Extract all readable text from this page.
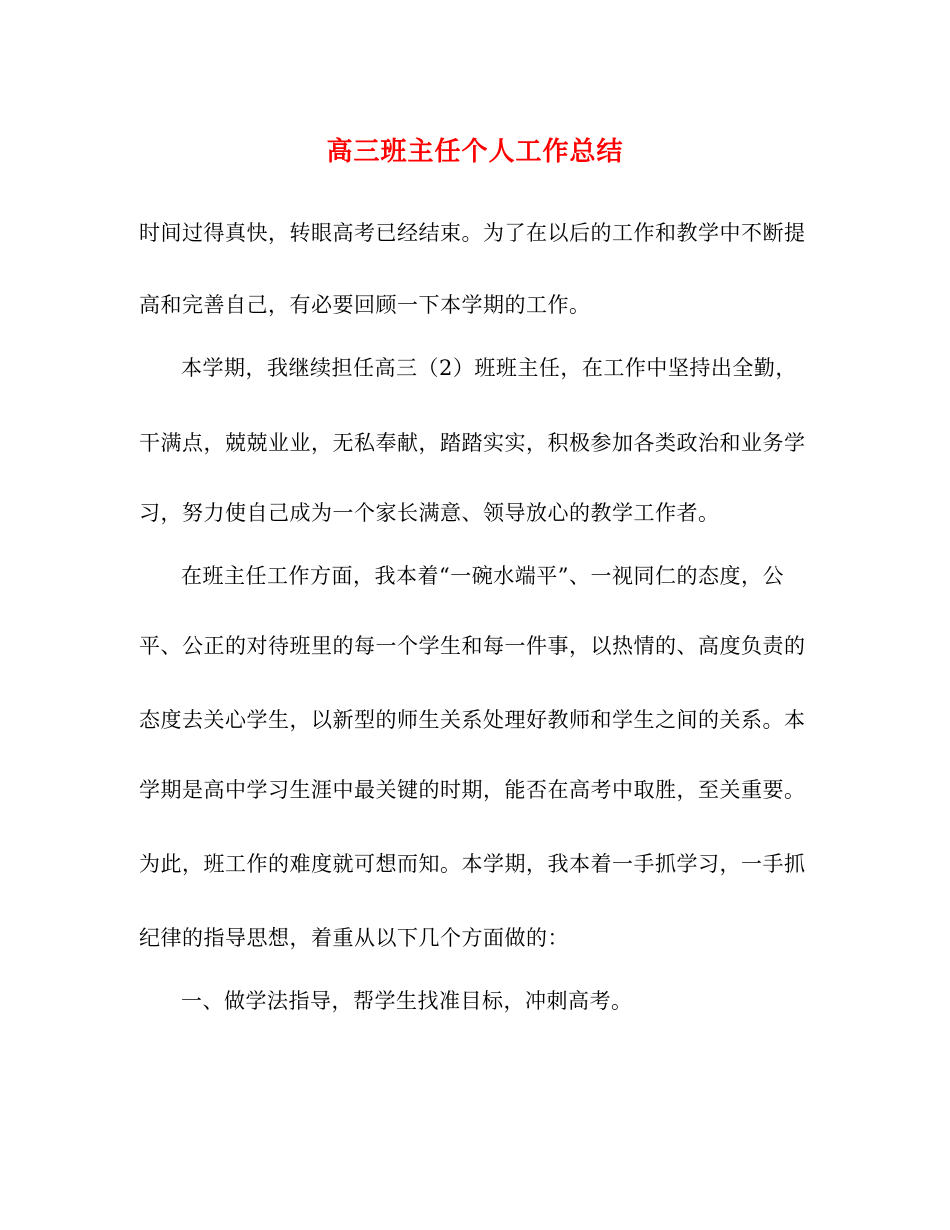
高三班主任个人工作总结
时间过得真快，转眼高考已经结束。为了在以后的工作和教学中不断提
高和完善自己，有必要回顾一下本学期的工作。
本学期，我继续担任高三（2）班班主任，在工作中坚持出全勤，
干满点，兢兢业业，无私奉献，踏踏实实，积极参加各类政治和业务学
习，努力使自己成为一个家长满意、领导放心的教学工作者。
在班主任工作方面，我本着“一碗水端平”、一视同仁的态度，公
平、公正的对待班里的每一个学生和每一件事，以热情的、高度负责的
态度去关心学生，以新型的师生关系处理好教师和学生之间的关系。本
学期是高中学习生涯中最关键的时期，能否在高考中取胜，至关重要。
为此，班工作的难度就可想而知。本学期，我本着一手抓学习，一手抓
纪律的指导思想，着重从以下几个方面做的：
一、做学法指导，帮学生找准目标，冲刺高考。
